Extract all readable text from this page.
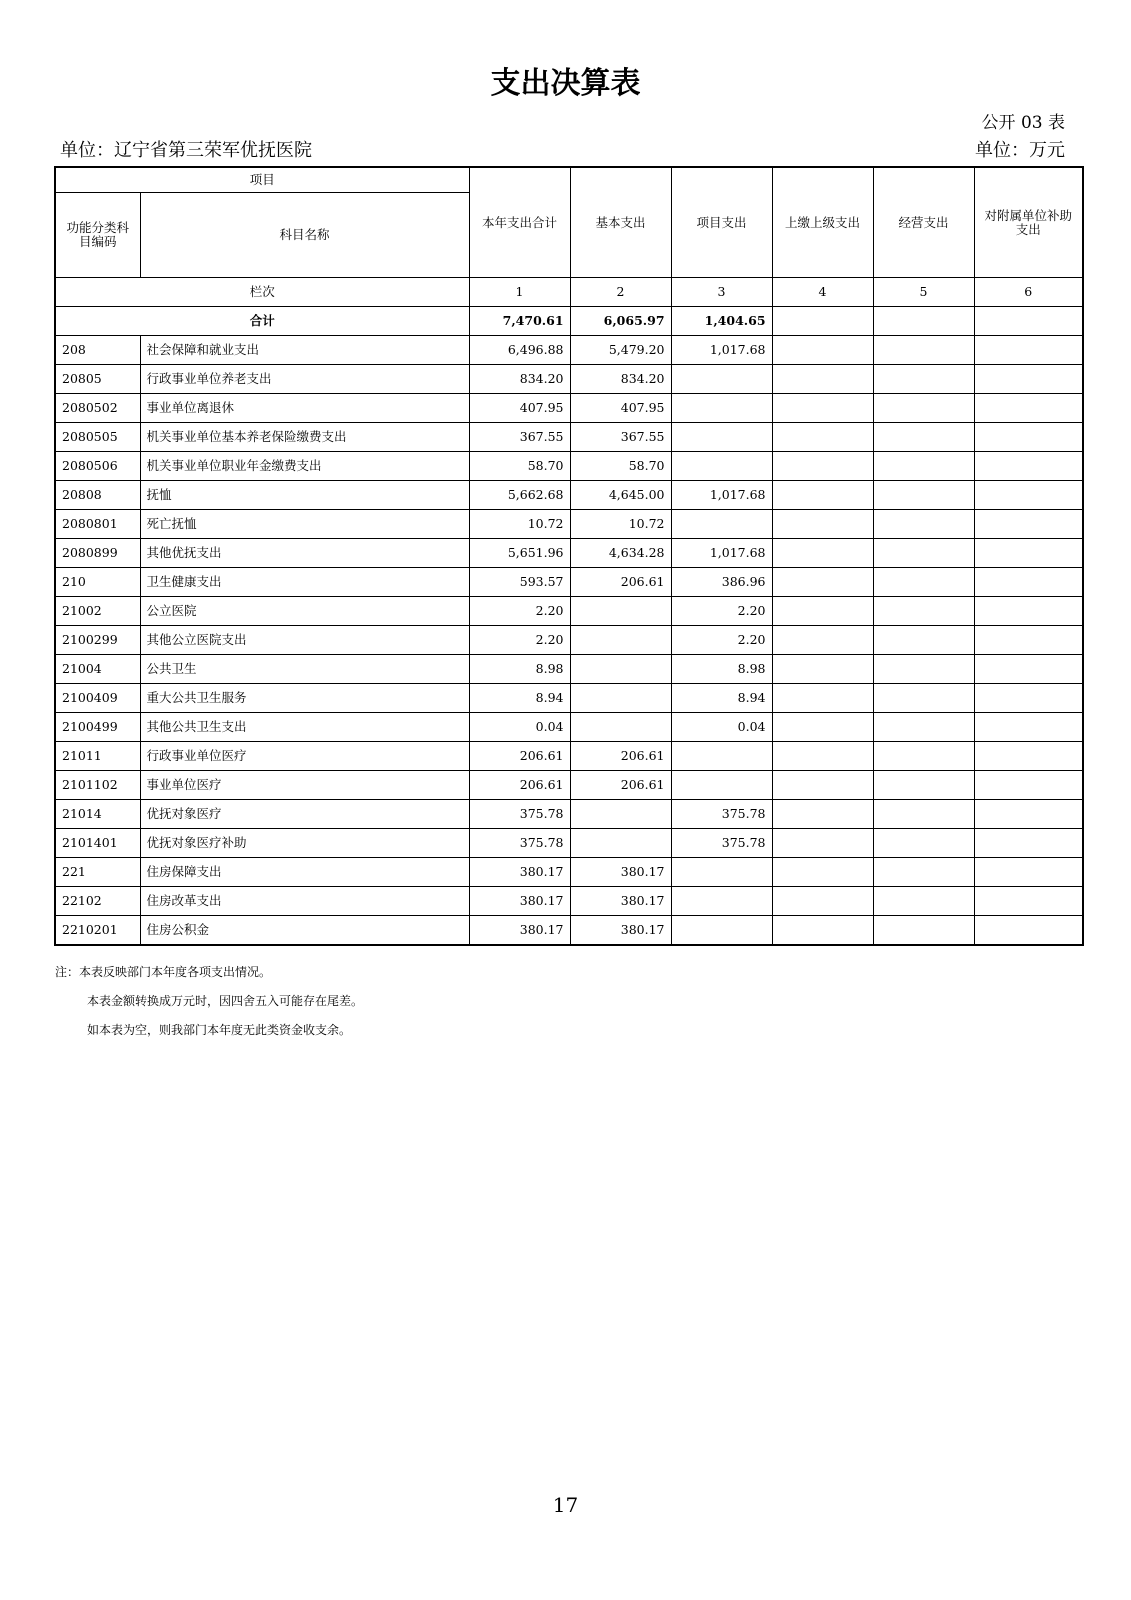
支出决算表
公开 03 表
单位：辽宁省第三荣军优抚医院	单位：万元
项目		本年支出合计	基本支出	项目支出	上缴上级支出	经营支出	对附属单位补助支出
功能分类科目编码	科目名称						
栏次		1	2	3	4	5	6
合计		7,470.61	6,065.97	1,404.65			
208	社会保障和就业支出	6,496.88	5,479.20	1,017.68			
20805	行政事业单位养老支出	834.20	834.20				
2080502	事业单位离退休	407.95	407.95				
2080505	机关事业单位基本养老保险缴费支出	367.55	367.55				
2080506	机关事业单位职业年金缴费支出	58.70	58.70				
20808	抚恤	5,662.68	4,645.00	1,017.68			
2080801	死亡抚恤	10.72	10.72				
2080899	其他优抚支出	5,651.96	4,634.28	1,017.68			
210	卫生健康支出	593.57	206.61	386.96			
21002	公立医院	2.20		2.20			
2100299	其他公立医院支出	2.20		2.20			
21004	公共卫生	8.98		8.98			
2100409	重大公共卫生服务	8.94		8.94			
2100499	其他公共卫生支出	0.04		0.04			
21011	行政事业单位医疗	206.61	206.61				
2101102	事业单位医疗	206.61	206.61				
21014	优抚对象医疗	375.78		375.78			
2101401	优抚对象医疗补助	375.78		375.78			
221	住房保障支出	380.17	380.17				
22102	住房改革支出	380.17	380.17				
2210201	住房公积金	380.17	380.17				
注：本表反映部门本年度各项支出情况。
本表金额转换成万元时，因四舍五入可能存在尾差。
如本表为空，则我部门本年度无此类资金收支余。
17
